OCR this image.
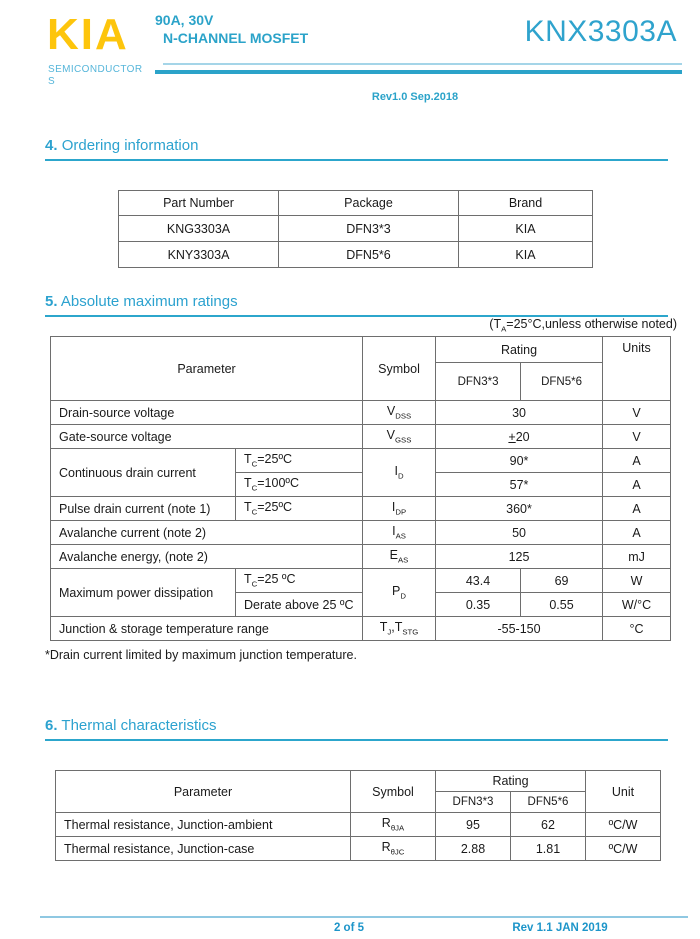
KIA
SEMICONDUCTORS
90A, 30V
N-CHANNEL MOSFET	KNX3303A
Rev1.0 Sep.2018
4. Ordering information
Part Number	Package	Brand
KNG3303A	DFN3*3	KIA
KNY3303A	DFN5*6	KIA
5. Absolute maximum ratings
($T_A=25^\circ C,unless$ otherwise noted)
Parameter		Symbol	Rating		Units
			DFN3*3	DFN5*6	
Drain-source voltage		$V_{DSS}$	30		V
Gate-source voltage		$V_{GSS}$	+20		V
Continuous drain current	$T_C=25ºC$	$I_D$	90*		A
	$T_C=100ºC$		57*		A
Pulse drain current (note 1)	$T_C=25ºC$	$I_{DP}$	360*		A
Avalanche current (note 2)		$I_{AS}$	50		A
Avalanche energy, (note 2)		$E_{AS}$	125		mJ
Maximum power dissipation	$T_C=25$ ºC	$P_D$	43.4	69	W
	Derate above 25 ºC		0.35	0.55	W/°C
Junction & storage temperature range		$T_J,T_{STG}$	-55-150		°C
*Drain current limited by maximum junction temperature.
6. Thermal characteristics
Parameter	Symbol	Rating		Unit
		DFN3*3	DFN5*6	
Thermal resistance, Junction-ambient	$R_{\theta JA}$	95	62	ºC/W
Thermal resistance, Junction-case	$R_{\theta JC}$	2.88	1.81	ºC/W
2 of 5	Rev 1.1 JAN 2019
